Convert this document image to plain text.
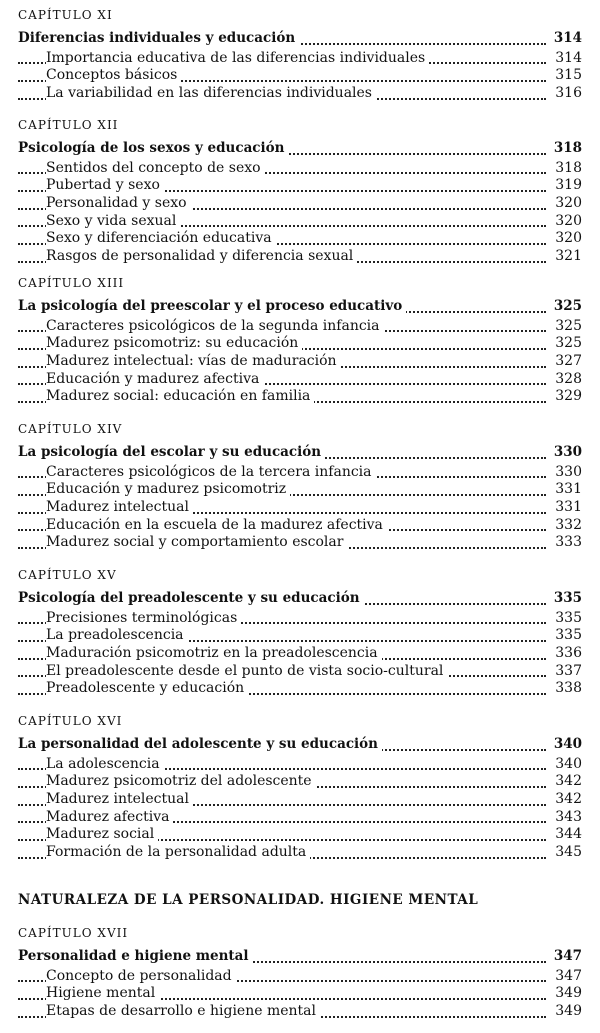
CAPÍTULO XI
Diferencias individuales y educación	314
Importancia educativa de las diferencias individuales	314
Conceptos básicos	315
La variabilidad en las diferencias individuales	316
CAPÍTULO XII
Psicología de los sexos y educación	318
Sentidos del concepto de sexo	318
Pubertad y sexo	319
Personalidad y sexo	320
Sexo y vida sexual	320
Sexo y diferenciación educativa	320
Rasgos de personalidad y diferencia sexual	321
CAPÍTULO XIII
La psicología del preescolar y el proceso educativo	325
Caracteres psicológicos de la segunda infancia	325
Madurez psicomotriz: su educación	325
Madurez intelectual: vías de maduración	327
Educación y madurez afectiva	328
Madurez social: educación en familia	329
CAPÍTULO XIV
La psicología del escolar y su educación	330
Caracteres psicológicos de la tercera infancia	330
Educación y madurez psicomotriz	331
Madurez intelectual	331
Educación en la escuela de la madurez afectiva	332
Madurez social y comportamiento escolar	333
CAPÍTULO XV
Psicología del preadolescente y su educación	335
Precisiones terminológicas	335
La preadolescencia	335
Maduración psicomotriz en la preadolescencia	336
El preadolescente desde el punto de vista socio-cultural	337
Preadolescente y educación	338
CAPÍTULO XVI
La personalidad del adolescente y su educación	340
La adolescencia	340
Madurez psicomotriz del adolescente	342
Madurez intelectual	342
Madurez afectiva	343
Madurez social	344
Formación de la personalidad adulta	345
NATURALEZA DE LA PERSONALIDAD. HIGIENE MENTAL
CAPÍTULO XVII
Personalidad e higiene mental	347
Concepto de personalidad	347
Higiene mental	349
Etapas de desarrollo e higiene mental	349
